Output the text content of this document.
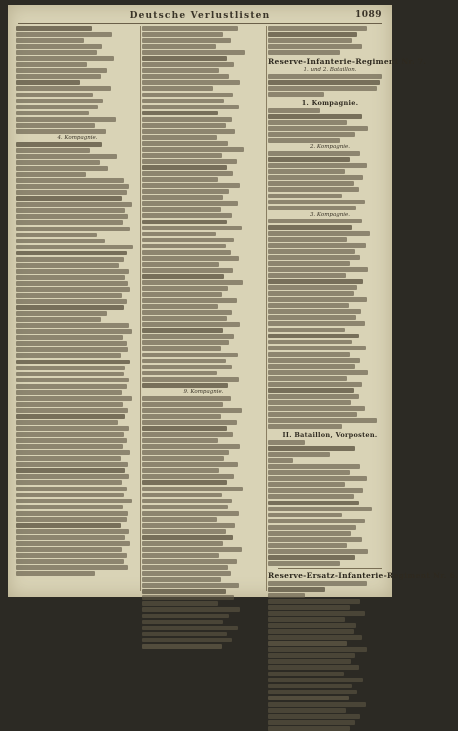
Deutsche Verlustlisten	1089
4. Kompagnie.
9. Kompagnie.
Reserve-Infanterie-Regiment Nr. 7.
1. und 2. Bataillon.
1. Kompagnie.
2. Kompagnie.
3. Kompagnie.
II. Bataillon, Vorposten.
Reserve-Ersatz-Infanterie-Regiment Nr. 6.
